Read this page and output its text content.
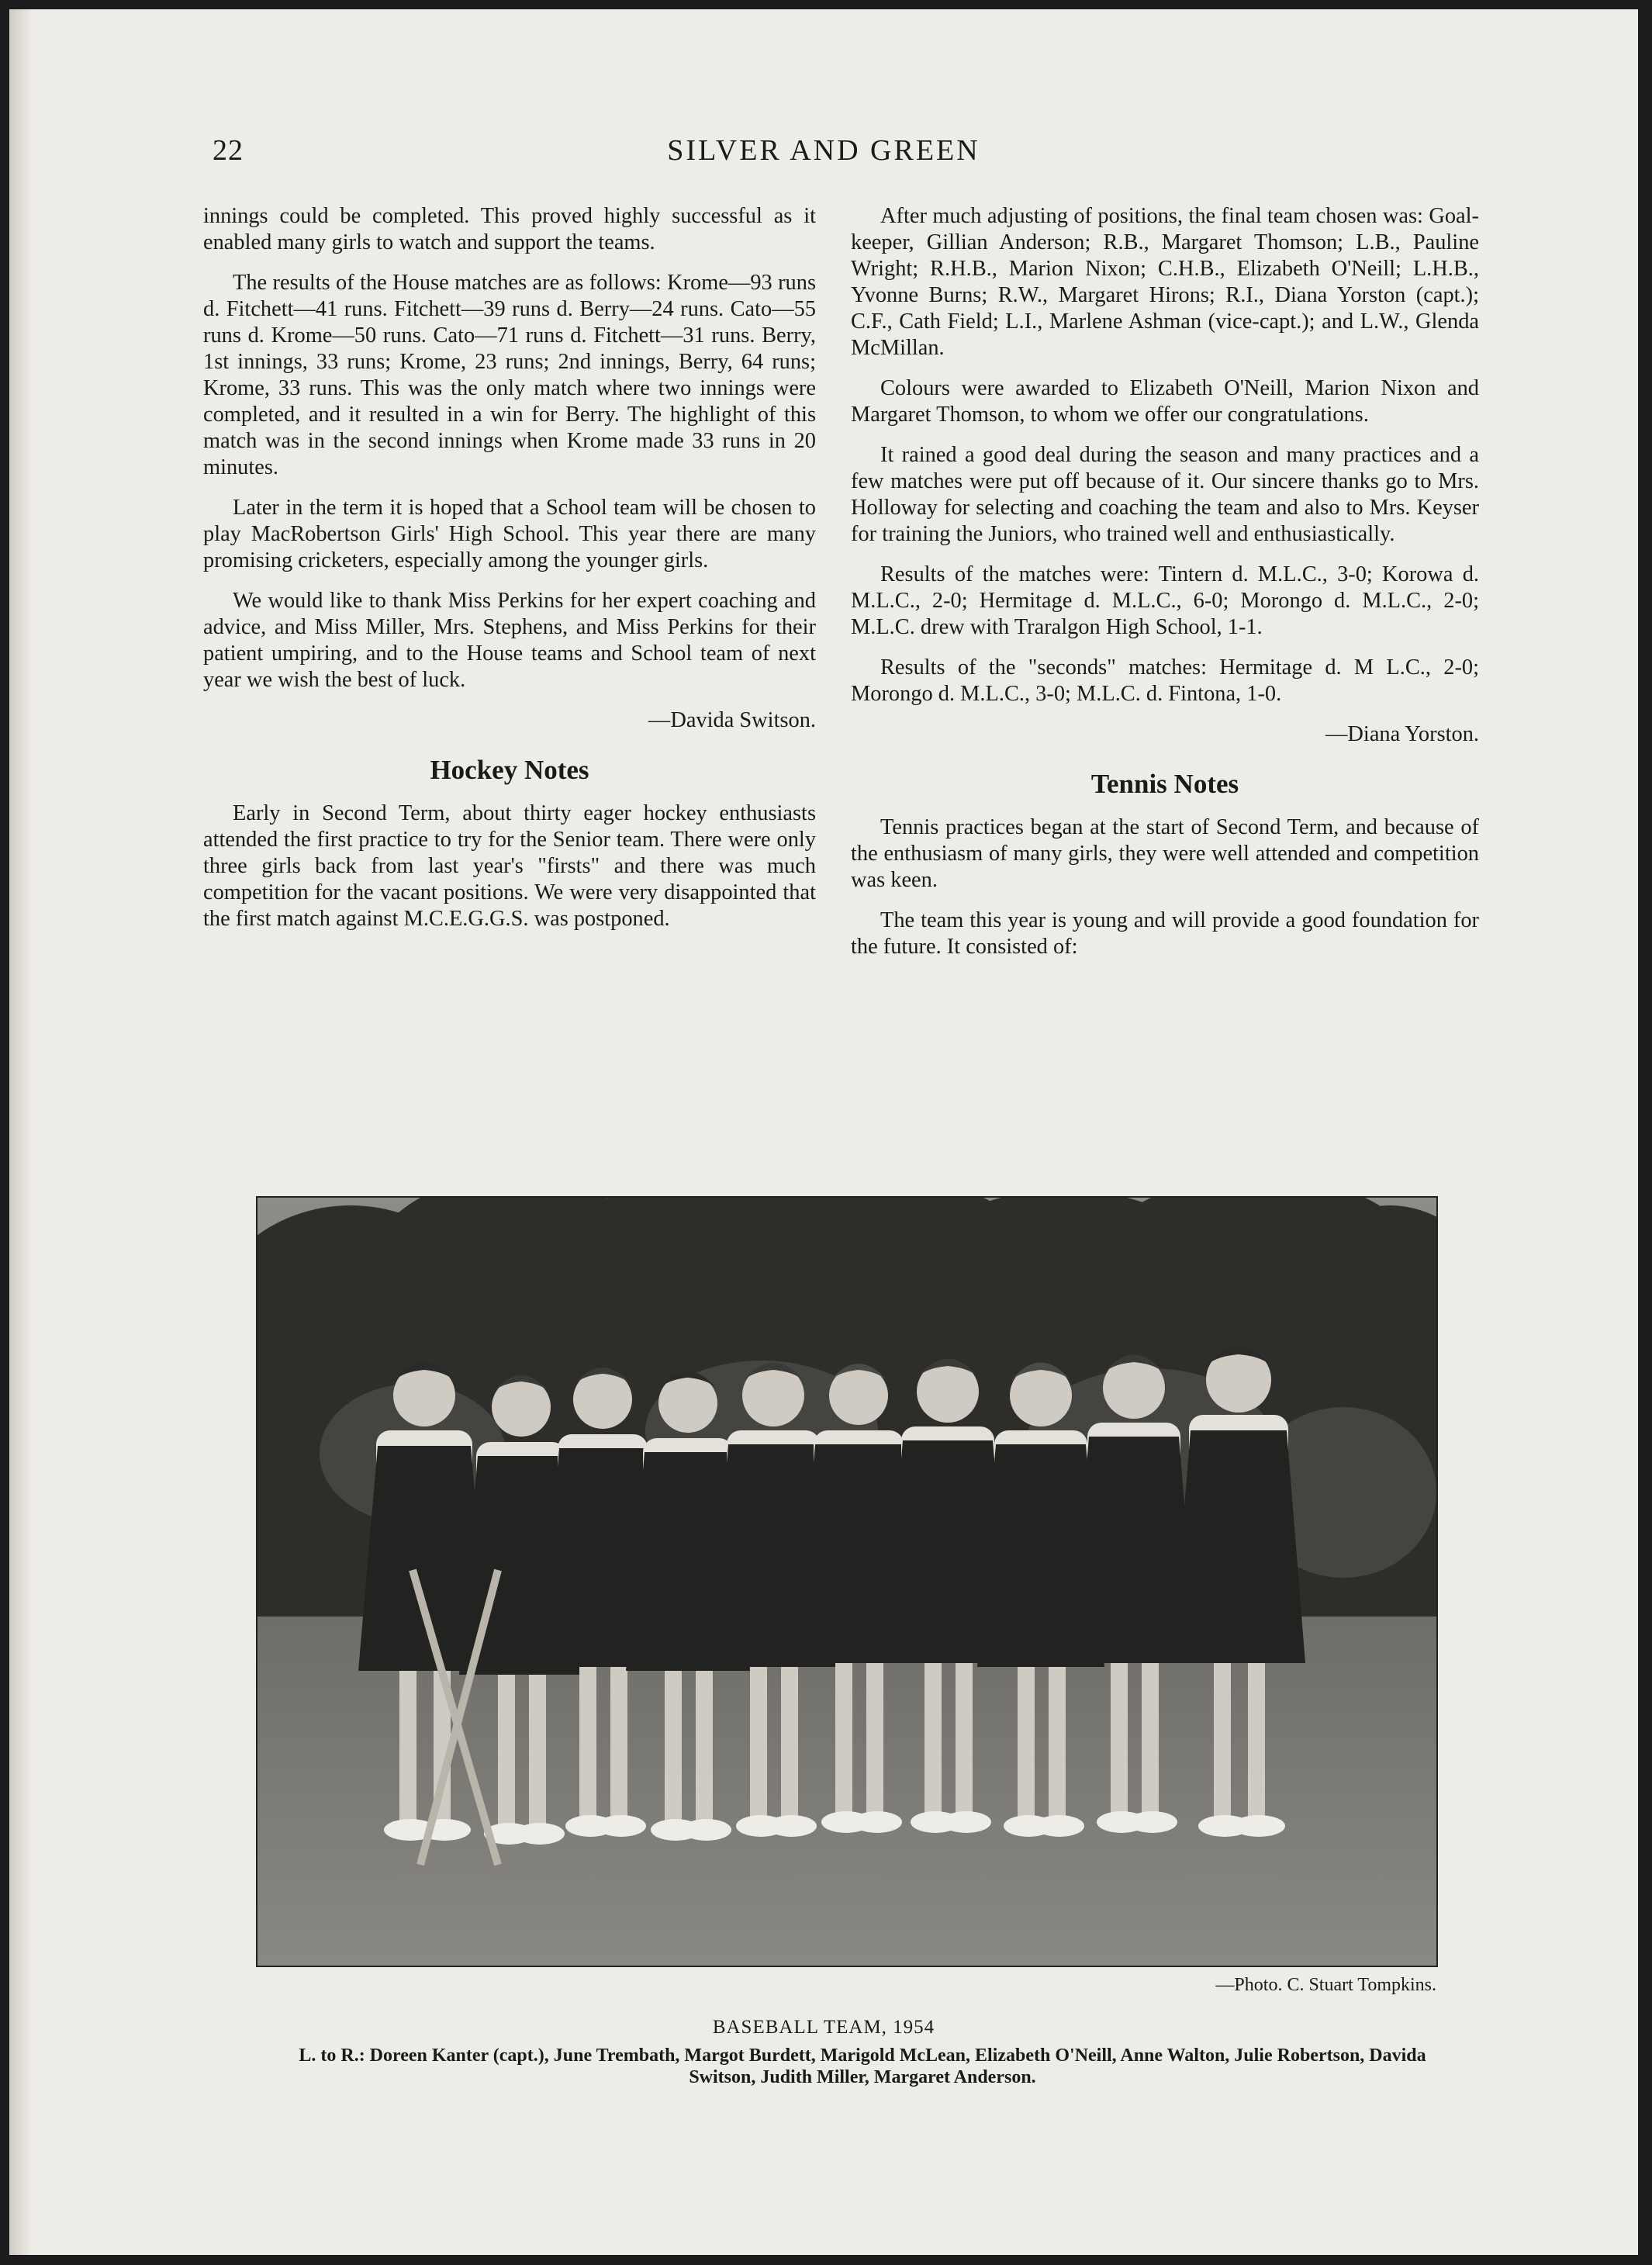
22	SILVER AND GREEN

innings could be completed. This proved highly successful as it enabled many girls to watch and support the teams.

The results of the House matches are as follows: Krome—93 runs d. Fitchett—41 runs. Fitchett—39 runs d. Berry—24 runs. Cato—55 runs d. Krome—50 runs. Cato—71 runs d. Fitchett—31 runs. Berry, 1st innings, 33 runs; Krome, 23 runs; 2nd innings, Berry, 64 runs; Krome, 33 runs. This was the only match where two innings were completed, and it resulted in a win for Berry. The highlight of this match was in the second innings when Krome made 33 runs in 20 minutes.

Later in the term it is hoped that a School team will be chosen to play MacRobertson Girls' High School. This year there are many promising cricketers, especially among the younger girls.

We would like to thank Miss Perkins for her expert coaching and advice, and Miss Miller, Mrs. Stephens, and Miss Perkins for their patient umpiring, and to the House teams and School team of next year we wish the best of luck.

—Davida Switson.
Hockey Notes

Early in Second Term, about thirty eager hockey enthusiasts attended the first practice to try for the Senior team. There were only three girls back from last year's "firsts" and there was much competition for the vacant positions. We were very disappointed that the first match against M.C.E.G.G.S. was postponed.

After much adjusting of positions, the final team chosen was: Goal-keeper, Gillian Anderson; R.B., Margaret Thomson; L.B., Pauline Wright; R.H.B., Marion Nixon; C.H.B., Elizabeth O'Neill; L.H.B., Yvonne Burns; R.W., Margaret Hirons; R.I., Diana Yorston (capt.); C.F., Cath Field; L.I., Marlene Ashman (vice-capt.); and L.W., Glenda McMillan.

Colours were awarded to Elizabeth O'Neill, Marion Nixon and Margaret Thomson, to whom we offer our congratulations.

It rained a good deal during the season and many practices and a few matches were put off because of it. Our sincere thanks go to Mrs. Holloway for selecting and coaching the team and also to Mrs. Keyser for training the Juniors, who trained well and enthusiastically.

Results of the matches were: Tintern d. M.L.C., 3-0; Korowa d. M.L.C., 2-0; Hermitage d. M.L.C., 6-0; Morongo d. M.L.C., 2-0; M.L.C. drew with Traralgon High School, 1-1.

Results of the "seconds" matches: Hermitage d. M L.C., 2-0; Morongo d. M.L.C., 3-0; M.L.C. d. Fintona, 1-0.

—Diana Yorston.
Tennis Notes

Tennis practices began at the start of Second Term, and because of the enthusiasm of many girls, they were well attended and competition was keen.

The team this year is young and will provide a good foundation for the future. It consisted of:

—Photo. C. Stuart Tompkins.
BASEBALL TEAM, 1954
L. to R.: Doreen Kanter (capt.), June Trembath, Margot Burdett, Marigold McLean, Elizabeth O'Neill, Anne Walton, Julie Robertson, Davida Switson, Judith Miller, Margaret Anderson.
